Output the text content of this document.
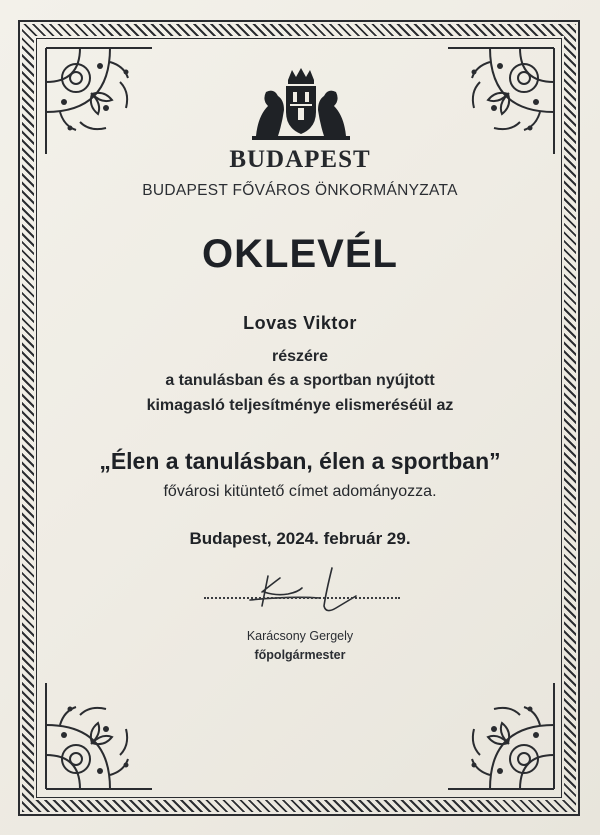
BUDAPEST
BUDAPEST FŐVÁROS ÖNKORMÁNYZATA
OKLEVÉL
Lovas Viktor
részére
a tanulásban és a sportban nyújtott
kimagasló teljesítménye elismeréséül az
„Élen a tanulásban, élen a sportban”
fővárosi kitüntető címet adományozza.
Budapest, 2024. február 29.
Karácsony Gergely
főpolgármester
